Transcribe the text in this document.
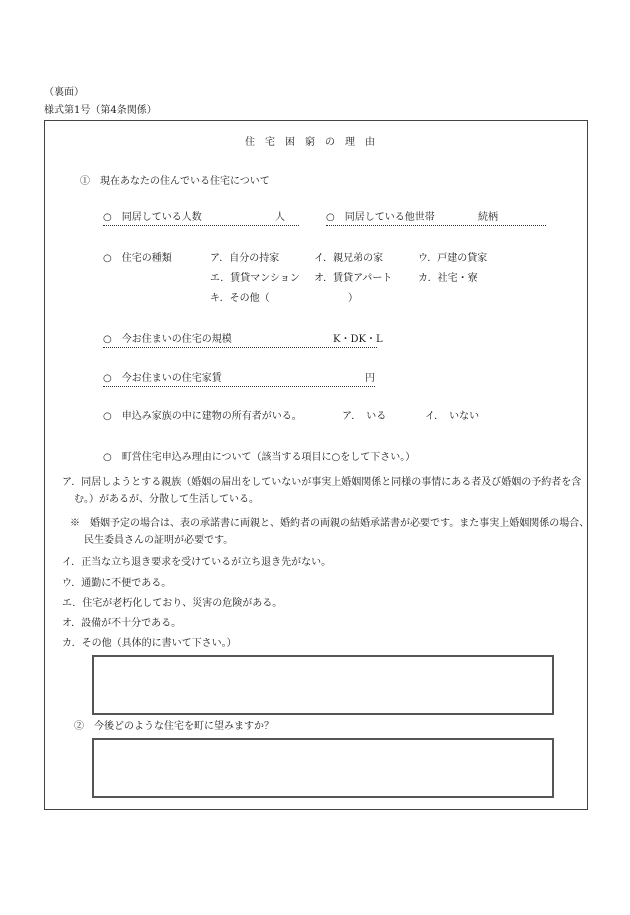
（裏面）
様式第1号（第4条関係）
住宅困窮の理由
①　現在あなたの住んでいる住宅について
○　同居している人数	人	○　同居している他世帯	続柄
○　住宅の種類	ア．自分の持家	イ．親兄弟の家	ウ．戸建の貸家
エ．賃貸マンション オ．賃貸アパート	カ．社宅・寮
キ．その他（	）
○　今お住まいの住宅の規模	K・DK・L
○　今お住まいの住宅家賃	円
○　申込み家族の中に建物の所有者がいる。	ア．　いる	イ．　いない
○　町営住宅申込み理由について（該当する項目に○をして下さい。）
ア．同居しようとする親族（婚姻の届出をしていないが事実上婚姻関係と同様の事情にある者及び婚姻の予約者を含む。）があるが、分散して生活している。
※　婚姻予定の場合は、表の承諾書に両親と、婚約者の両親の結婚承諾書が必要です。また事実上婚姻関係の場合、民生委員さんの証明が必要です。
イ．正当な立ち退き要求を受けているが立ち退き先がない。
ウ．通勤に不便である。
エ．住宅が老朽化しており、災害の危険がある。
オ．設備が不十分である。
カ．その他（具体的に書いて下さい。）
②　今後どのような住宅を町に望みますか？
